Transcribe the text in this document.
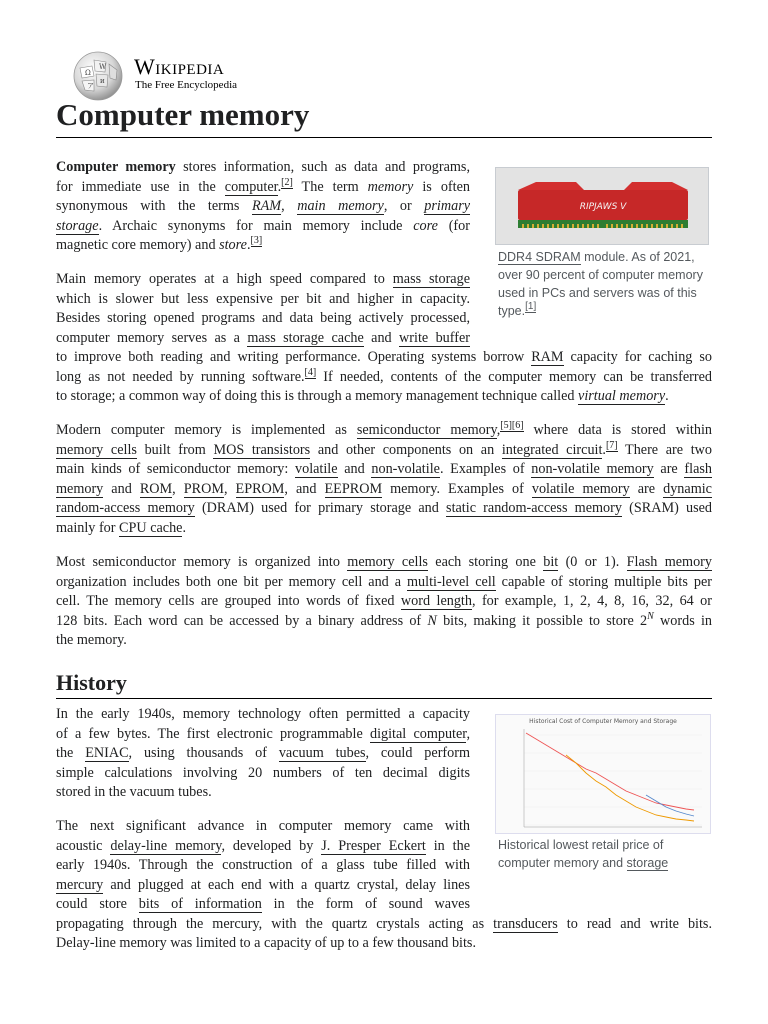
Ω
W
и
ア
Wikipedia
The Free Encyclopedia
Computer memory
RIPJAWS V
DDR4 SDRAM module. As of 2021,
over 90 percent of computer memory
used in PCs and servers was of this
type.[1]
Computer memory stores information, such as data and programs,
for immediate use in the computer.[2] The term memory is often
synonymous with the terms RAM, main memory, or primary
storage. Archaic synonyms for main memory include core (for
magnetic core memory) and store.[3]
Main memory operates at a high speed compared to mass storage
which is slower but less expensive per bit and higher in capacity.
Besides storing opened programs and data being actively processed,
computer memory serves as a mass storage cache and write buffer
to improve both reading and writing performance. Operating systems borrow RAM capacity for caching so
long as not needed by running software.[4] If needed, contents of the computer memory can be transferred
to storage; a common way of doing this is through a memory management technique called virtual memory.
Modern computer memory is implemented as semiconductor memory,[5][6] where data is stored within
memory cells built from MOS transistors and other components on an integrated circuit.[7] There are two
main kinds of semiconductor memory: volatile and non-volatile. Examples of non-volatile memory are flash
memory and ROM, PROM, EPROM, and EEPROM memory. Examples of volatile memory are dynamic
random-access memory (DRAM) used for primary storage and static random-access memory (SRAM) used
mainly for CPU cache.
Most semiconductor memory is organized into memory cells each storing one bit (0 or 1). Flash memory
organization includes both one bit per memory cell and a multi-level cell capable of storing multiple bits per
cell. The memory cells are grouped into words of fixed word length, for example, 1, 2, 4, 8, 16, 32, 64 or
128 bits. Each word can be accessed by a binary address of N bits, making it possible to store $2^N$ words in
the memory.
History
Historical Cost of Computer Memory and Storage
Historical lowest retail price of
computer memory and storage
In the early 1940s, memory technology often permitted a capacity
of a few bytes. The first electronic programmable digital computer,
the ENIAC, using thousands of vacuum tubes, could perform
simple calculations involving 20 numbers of ten decimal digits
stored in the vacuum tubes.
The next significant advance in computer memory came with
acoustic delay-line memory, developed by J. Presper Eckert in the
early 1940s. Through the construction of a glass tube filled with
mercury and plugged at each end with a quartz crystal, delay lines
could store bits of information in the form of sound waves
propagating through the mercury, with the quartz crystals acting as transducers to read and write bits.
Delay-line memory was limited to a capacity of up to a few thousand bits.
